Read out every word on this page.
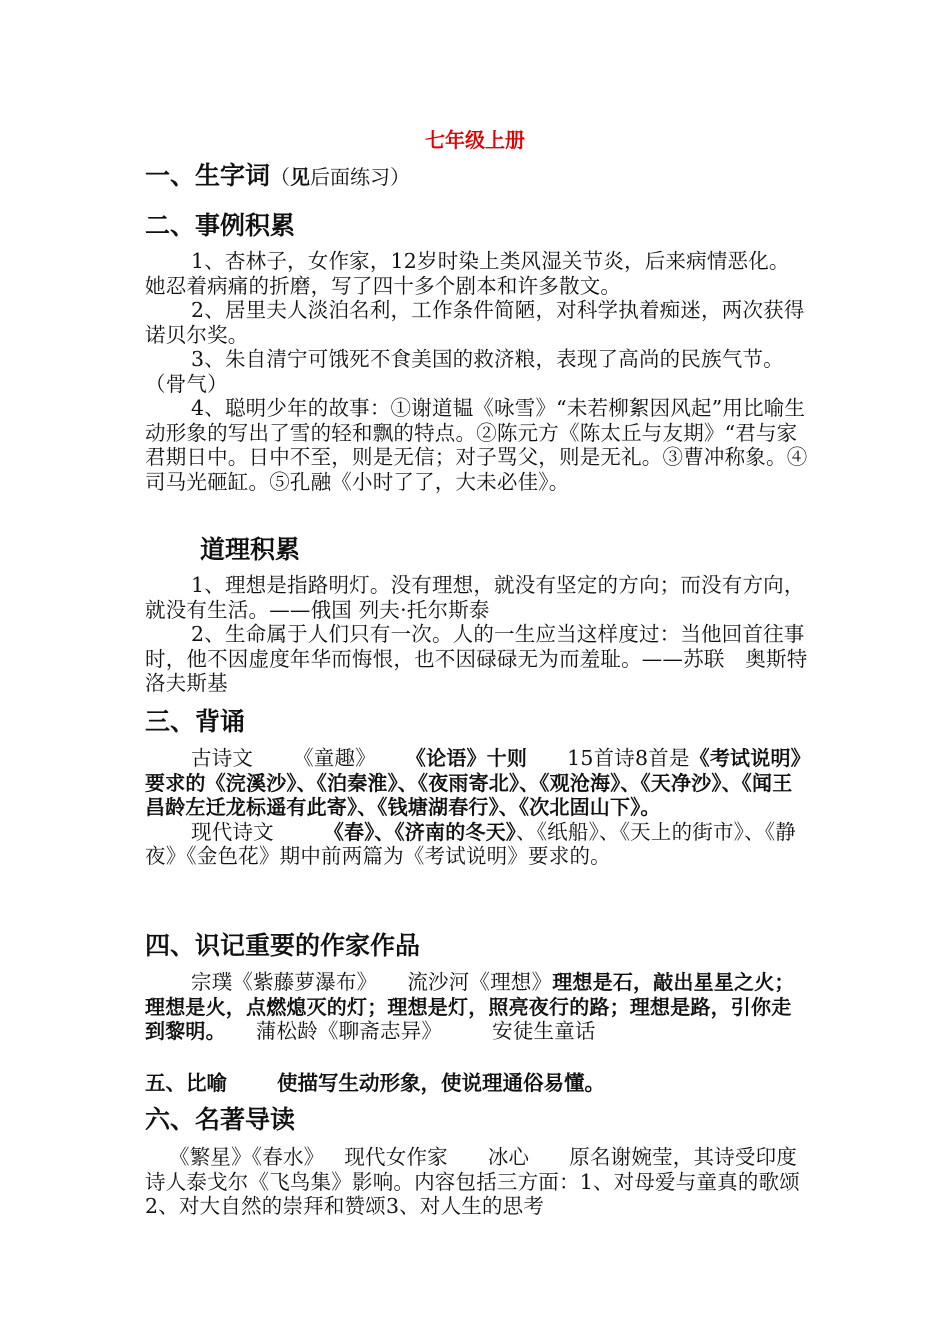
七年级上册
一、生字词（见后面练习）
二、事例积累

1、杏林子，女作家，12岁时染上类风湿关节炎，后来病情恶化。她忍着病痛的折磨，写了四十多个剧本和许多散文。

2、居里夫人淡泊名利，工作条件简陋，对科学执着痴迷，两次获得诺贝尔奖。

3、朱自清宁可饿死不食美国的救济粮，表现了高尚的民族气节。（骨气）

4、聪明少年的故事：①谢道韫《咏雪》“未若柳絮因风起”用比喻生动形象的写出了雪的轻和飘的特点。②陈元方《陈太丘与友期》“君与家君期日中。日中不至，则是无信；对子骂父，则是无礼。③曹冲称象。④司马光砸缸。⑤孔融《小时了了，大未必佳》。

道理积累

1、理想是指路明灯。没有理想，就没有坚定的方向；而没有方向，就没有生活。——俄国 列夫·托尔斯泰

2、生命属于人们只有一次。人的一生应当这样度过：当他回首往事时，他不因虚度年华而悔恨，也不因碌碌无为而羞耻。——苏联　奥斯特洛夫斯基

三、背诵

古诗文 《童趣》 《论语》十则 15首诗8首是《考试说明》要求的《浣溪沙》、《泊秦淮》、《夜雨寄北》、《观沧海》、《天净沙》、《闻王昌龄左迁龙标遥有此寄》、《钱塘湖春行》、《次北固山下》。

现代诗文	《春》、《济南的冬天》、《纸船》、《天上的街市》、《静夜》《金色花》期中前两篇为《考试说明》要求的。

四、识记重要的作家作品

宗璞《紫藤萝瀑布》 流沙河《理想》理想是石，敲出星星之火；理想是火，点燃熄灭的灯；理想是灯，照亮夜行的路；理想是路，引你走到黎明。 蒲松龄《聊斋志异》 安徒生童话

五、比喻 使描写生动形象，使说理通俗易懂。
六、名著导读

《繁星》《春水》 现代女作家 冰心 原名谢婉莹，其诗受印度诗人泰戈尔《飞鸟集》影响。内容包括三方面：1、对母爱与童真的歌颂2、对大自然的崇拜和赞颂3、对人生的思考
